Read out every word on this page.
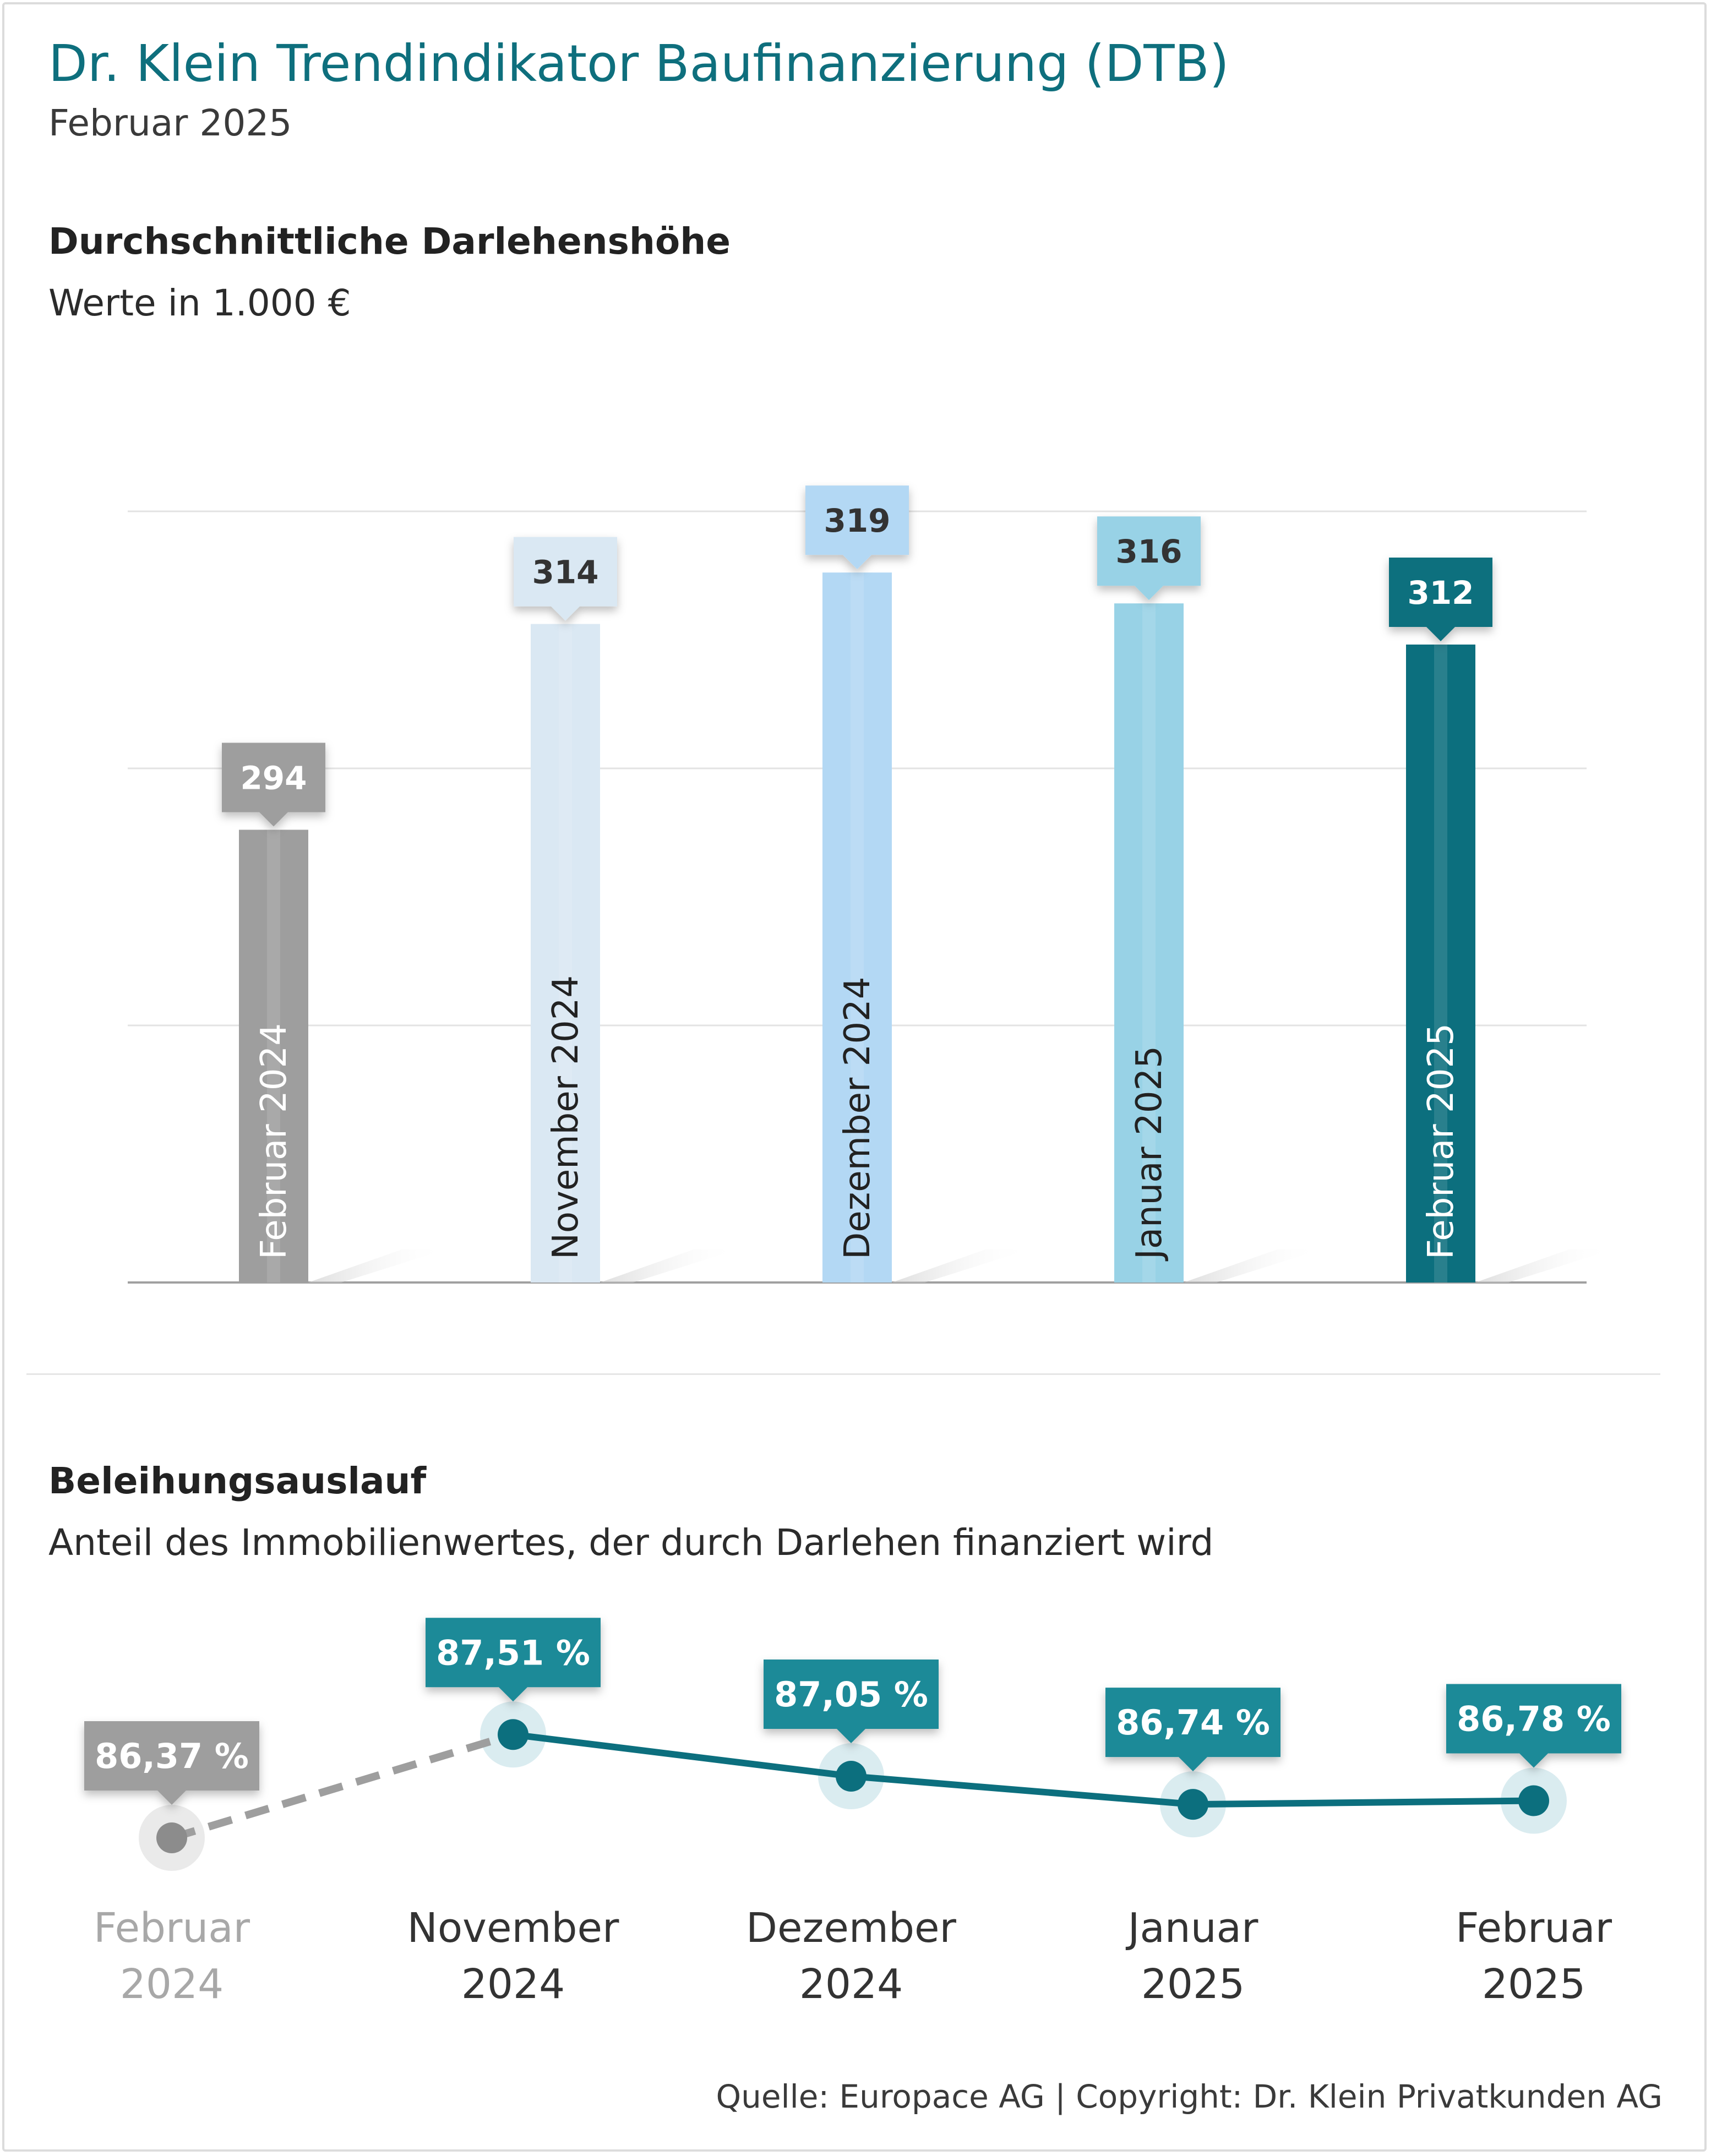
Dr. Klein Trendindikator Baufinanzierung (DTB)
Februar 2025
Durchschnittliche Darlehenshöhe
Werte in 1.000 €
Beleihungsauslauf
Anteil des Immobilienwertes, der durch Darlehen finanziert wird
Februar 2024
294
November 2024
314
Dezember 2024
319
Januar 2025
316
Februar 2025
312
86,37 %
87,51 %
87,05 %
86,74 %	86,78 %
Februar
2024
November
2024
Dezember
2024
Januar
2025
Februar
2025
Quelle: Europace AG | Copyright: Dr. Klein Privatkunden AG
